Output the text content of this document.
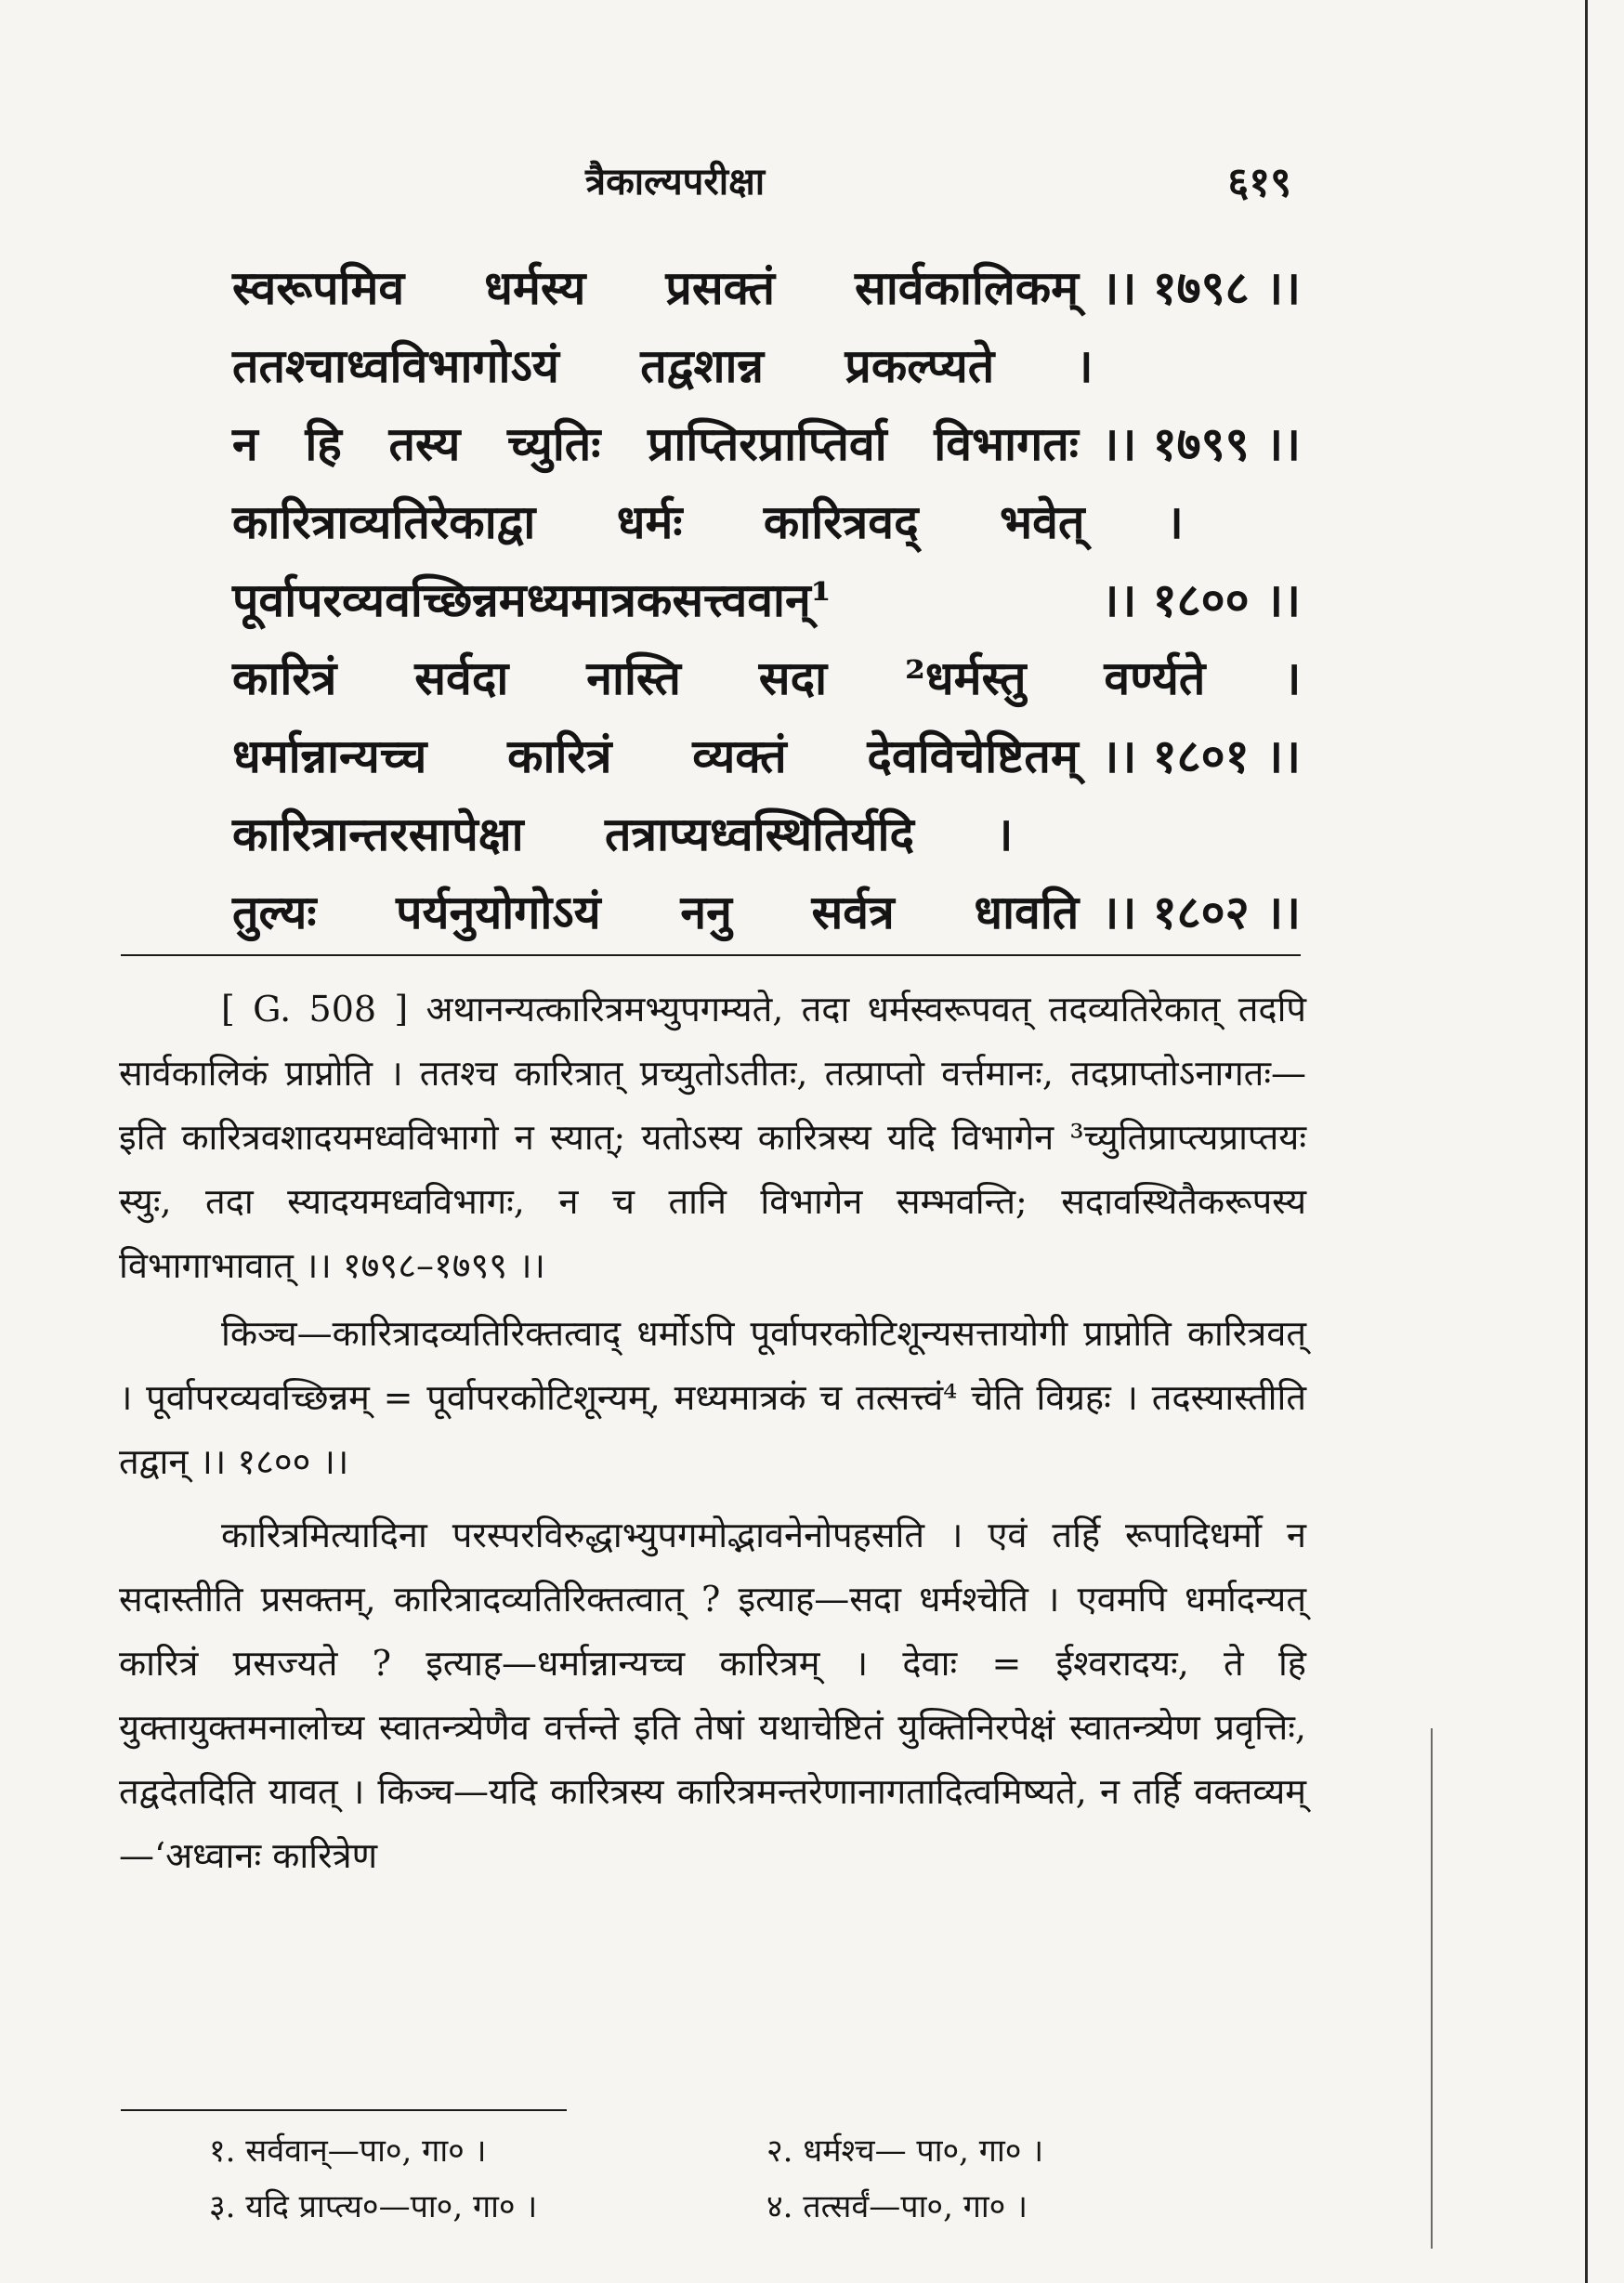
त्रैकाल्यपरीक्षा	६१९
स्वरूपमिव धर्मस्य प्रसक्तं सार्वकालिकम् ।। १७९८ ।।
ततश्चाध्वविभागोऽयं तद्वशान्न प्रकल्प्यते ।
न हि तस्य च्युतिः प्राप्तिरप्राप्तिर्वा विभागतः ।। १७९९ ।।
कारित्राव्यतिरेकाद्वा धर्मः कारित्रवद् भवेत् ।
पूर्वापरव्यवच्छिन्नमध्यमात्रकसत्त्ववान्¹	।। १८०० ।।
कारित्रं सर्वदा नास्ति सदा ²धर्मस्तु वर्ण्यते ।
धर्मान्नान्यच्च कारित्रं व्यक्तं देवविचेष्टितम् ।। १८०१ ।।
कारित्रान्तरसापेक्षा तत्राप्यध्वस्थितिर्यदि ।
तुल्यः पर्यनुयोगोऽयं ननु सर्वत्र धावति ।। १८०२ ।।

[ G. 508 ] अथानन्यत्कारित्रमभ्युपगम्यते, तदा धर्मस्वरूपवत् तदव्यतिरेकात् तदपि सार्वकालिकं प्राप्नोति । ततश्च कारित्रात् प्रच्युतोऽतीतः, तत्प्राप्तो वर्त्तमानः, तदप्राप्तोऽनागतः—इति कारित्रवशादयमध्वविभागो न स्यात्; यतोऽस्य कारित्रस्य यदि विभागेन ³च्युतिप्राप्त्यप्राप्तयः स्युः, तदा स्यादयमध्वविभागः, न च तानि विभागेन सम्भवन्ति; सदावस्थितैकरूपस्य विभागाभावात् ।। १७९८–१७९९ ।।

किञ्च—कारित्रादव्यतिरिक्तत्वाद् धर्मोऽपि पूर्वापरकोटिशून्यसत्तायोगी प्राप्नोति कारित्रवत् । पूर्वापरव्यवच्छिन्नम् = पूर्वापरकोटिशून्यम्, मध्यमात्रकं च तत्सत्त्वं⁴ चेति विग्रहः । तदस्यास्तीति तद्वान् ।। १८०० ।।

कारित्रमित्यादिना परस्परविरुद्धाभ्युपगमोद्भावनेनोपहसति । एवं तर्हि रूपादिधर्मो न सदास्तीति प्रसक्तम्, कारित्रादव्यतिरिक्तत्वात् ? इत्याह—सदा धर्मश्चेति । एवमपि धर्मादन्यत् कारित्रं प्रसज्यते ? इत्याह—धर्मान्नान्यच्च कारित्रम् । देवाः = ईश्वरादयः, ते हि युक्तायुक्तमनालोच्य स्वातन्त्र्येणैव वर्त्तन्ते इति तेषां यथाचेष्टितं युक्तिनिरपेक्षं स्वातन्त्र्येण प्रवृत्तिः, तद्वदेतदिति यावत् । किञ्च—यदि कारित्रस्य कारित्रमन्तरेणानागतादित्वमिष्यते, न तर्हि वक्तव्यम्—‘अध्वानः कारित्रेण

१. सर्ववान्—पा०, गा० ।	२. धर्मश्च— पा०, गा० ।
३. यदि प्राप्त्य०—पा०, गा० ।	४. तत्सर्वं—पा०, गा० ।
